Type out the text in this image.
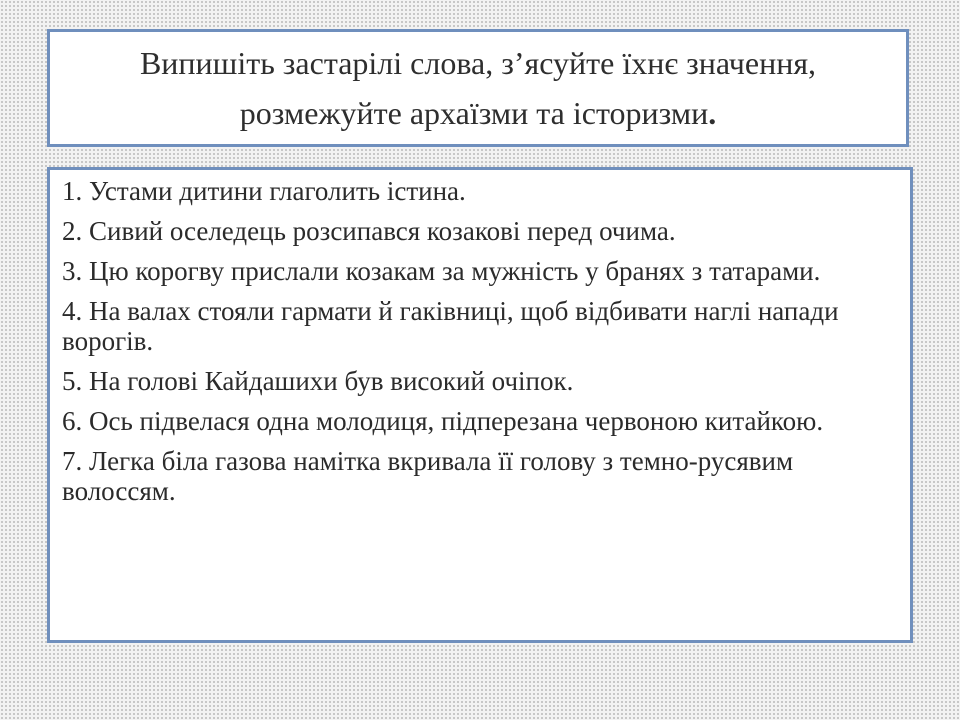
Випишіть застарілі слова, з’ясуйте їхнє значення, розмежуйте архаїзми та історизми.

1. Устами дитини глаголить істина.

2. Сивий оселедець розсипався козакові перед очима.

3. Цю корогву прислали козакам за мужність у бранях з татарами.

4. На валах стояли гармати й гаківниці, щоб відбивати наглі напади ворогів.

5. На голові Кайдашихи був високий очіпок.

6. Ось підвелася одна молодиця, підперезана червоною китайкою.

7. Легка біла газова намітка вкривала її голову з темно-русявим волоссям.
